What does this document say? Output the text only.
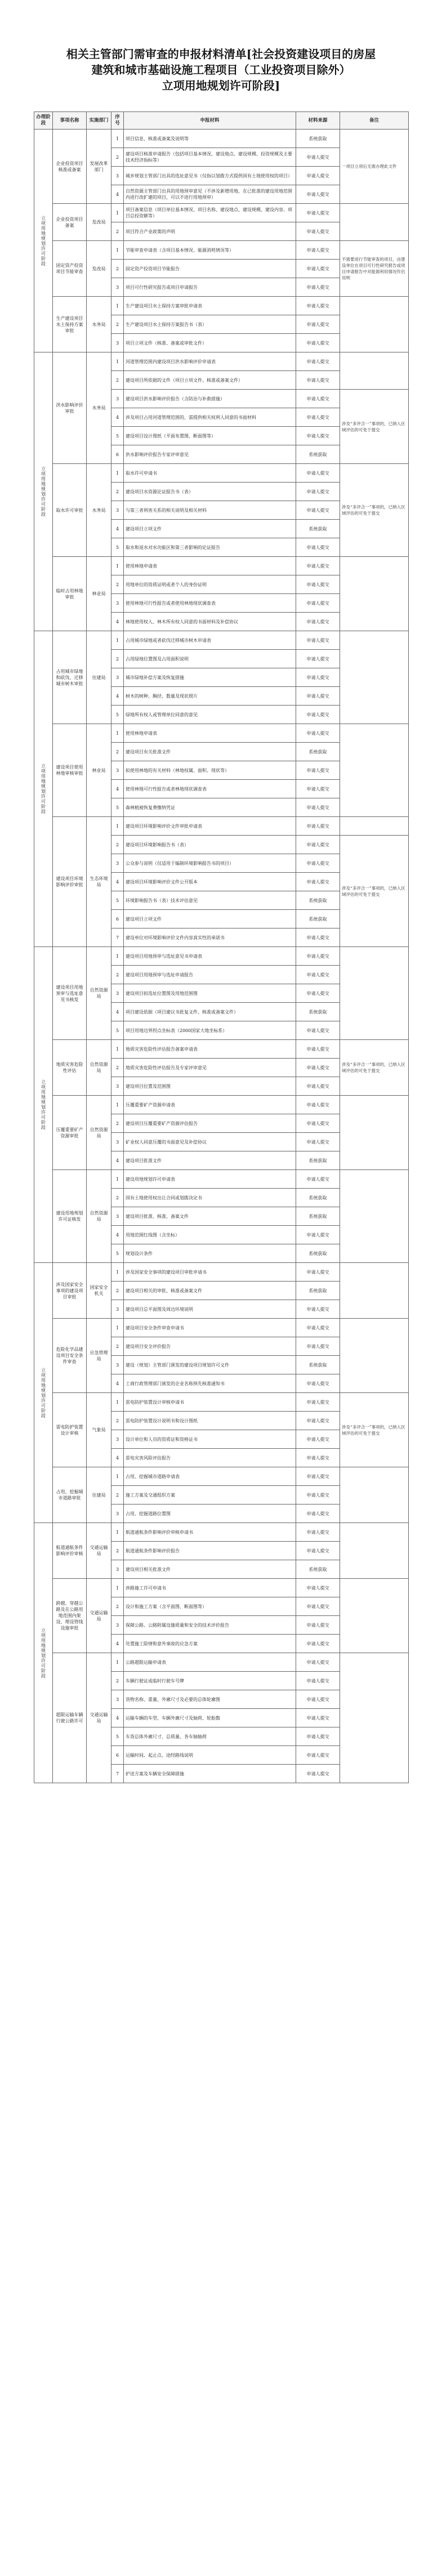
相关主管部门需审查的申报材料清单[社会投资建设项目的房屋
建筑和城市基础设施工程项目（工业投资项目除外）
立项用地规划许可阶段]
办理阶段	事项名称	实施部门	序号	申报材料	材料来源	备注

立项用地规划许可阶段	企业投资项目核准或备案	发展改革部门	1	项目信息，核准或备案及说明等	系统获取	一项目立项后无需办理此文件
			2	建设项目核准申请报告（包括项目基本情况、建设地点、建设规模、投资规模及主要技术经济指标等）	申请人提交	
			3	城乡规划主管部门出具的选址意见书（仅指以划拨方式提供国有土地使用权的项目）	申请人提交	
			4	自然资源主管部门出具的用地预审意见（不涉及新增用地，在已批准的建设用地范围内进行改扩建的项目，可以不进行用地预审）	申请人提交	
	企业投资项目备案	发改局	1	项目备案信息（项目单位基本情况、项目名称、建设地点、建设规模、建设内容、项目总投资额等）	申请人提交	
			2	项目符合产业政策的声明	申请人提交	
	固定资产投资项目节能审查	发改局	1	节能审查申请表（含项目基本情况、能源消耗情况等）	申请人提交	不需要进行节能审查的项目，由建设单位在项目可行性研究报告或项目申请报告中对能源利用情况作出说明
			2	固定资产投资项目节能报告	申请人提交	
			3	项目可行性研究报告或项目申请报告	申请人提交	
	生产建设项目水土保持方案审批	水务局	1	生产建设项目水土保持方案审批申请表	申请人提交	
			2	生产建设项目水土保持方案报告书（表）	申请人提交	
			3	项目立项文件（核准、备案或审批文件）	申请人提交	

立项用地规划许可阶段	洪水影响评价审批	水务局	1	河道管理范围内建设项目洪水影响评价申请表	申请人提交	
			2	建设项目所依据的文件（项目立项文件、核准或备案文件）	申请人提交	
			3	建设项目洪水影响评价报告（含防治与补救措施）	申请人提交	涉及“多评合一”事项的，已纳入区域评估的可免于提交
			4	涉及项目占用河道管理范围的，需提供相关权利人同意的书面材料	申请人提交	
			5	建设项目设计图纸（平面布置图、断面图等）	申请人提交	
			6	洪水影响评价报告专家评审意见	系统获取	
	取水许可审批	水务局	1	取水许可申请书	申请人提交	涉及“多评合一”事项的，已纳入区域评估的可免于提交
			2	建设项目水资源论证报告书（表）	申请人提交	
			3	与第三者利害关系的相关说明及相关材料	申请人提交	
			4	建设项目立项文件	系统获取	
			5	取水和退水对水功能区和第三者影响的论证报告	申请人提交	
	临时占用林地审批	林业局	1	使用林地申请表	申请人提交	
			2	用地单位的资质证明或者个人的身份证明	申请人提交	
			3	使用林地可行性报告或者使用林地现状调查表	申请人提交	
			4	林地使用权人、林木所有权人同意的书面材料及补偿协议	申请人提交	

立项用地规划许可阶段	占用城市绿地和砍伐、迁移城市树木审批	住建局	1	占用城市绿地或者砍伐迁移城市树木申请表	申请人提交	
			2	占用绿地位置图及占用面积说明	申请人提交	
			3	城市绿地补偿方案及恢复措施	申请人提交	
			4	树木的树种、胸径、数量及现状照片	申请人提交	
			5	绿地所有权人或管理单位同意的意见	申请人提交	
	建设项目使用林地审核审批	林业局	1	使用林地申请表	申请人提交	
			2	建设项目有关批准文件	系统获取	
			3	拟使用林地的有关材料（林地权属、面积、现状等）	申请人提交	
			4	使用林地可行性报告或者林地现状调查表	申请人提交	
			5	森林植被恢复费缴纳凭证	申请人提交	
	建设项目环境影响评价审批	生态环境局	1	建设项目环境影响评价文件审批申请表	申请人提交	
			2	建设项目环境影响报告书（表）	申请人提交	涉及“多评合一”事项的，已纳入区域评估的可免于提交
			3	公众参与说明（仅适用于编制环境影响报告书的项目）	申请人提交	
			4	建设项目环境影响评价文件公开版本	申请人提交	
			5	环境影响报告书（表）技术评估意见	系统获取	
			6	建设项目立项文件	系统获取	
			7	建设单位对环境影响评价文件内容真实性的承诺书	申请人提交	

立项用地规划许可阶段	建设项目用地预审与选址意见书核发	自然资源局	1	建设项目用地预审与选址意见书申请表	申请人提交	
			2	建设项目用地预审与选址申请报告	申请人提交	
			3	建设项目拟选址位置图及用地范围图	申请人提交	
			4	项目建设依据（项目建议书批复文件、核准或备案文件）	系统获取	
			5	项目用地边界拐点坐标表（2000国家大地坐标系）	申请人提交	
	地质灾害危险性评估	自然资源局	1	地质灾害危险性评估报告备案申请表	申请人提交	涉及“多评合一”事项的，已纳入区域评估的可免于提交
			2	地质灾害危险性评估报告及专家评审意见	申请人提交	
			3	建设项目位置及范围图	申请人提交	
	压覆重要矿产资源审批	自然资源局	1	压覆重要矿产资源申请表	申请人提交	
			2	建设项目压覆重要矿产资源评估报告	申请人提交	
			3	矿业权人同意压覆的书面意见及补偿协议	申请人提交	
			4	建设项目批准文件	系统获取	
	建设用地规划许可证核发	自然资源局	1	建设用地规划许可申请表	申请人提交	
			2	国有土地使用权出让合同或划拨决定书	系统获取	
			3	建设项目批准、核准、备案文件	系统获取	
			4	用地范围红线图（含坐标）	申请人提交	
			5	规划设计条件	系统获取	

立项用地规划许可阶段	涉及国家安全事项的建设项目审批	国家安全机关	1	涉及国家安全事项的建设项目审批申请书	申请人提交	
			2	建设项目相关的审批、核准或备案文件	系统获取	
			3	建设项目总平面图及周边环境说明	申请人提交	
	危险化学品建设项目安全条件审查	应急管理局	1	建设项目安全条件审查申请书	申请人提交	
			2	建设项目安全评价报告	申请人提交	
			3	建设（规划）主管部门颁发的建设项目规划许可文件	系统获取	
			4	工商行政管理部门颁发的企业名称预先核准通知书	申请人提交	
	雷电防护装置设计审核	气象局	1	雷电防护装置设计审核申请书	申请人提交	涉及“多评合一”事项的，已纳入区域评估的可免于提交
			2	雷电防护装置设计说明书和设计图纸	申请人提交	
			3	设计单位和人员的资质证和资格证书	申请人提交	
			4	雷电灾害风险评估报告	申请人提交	
	占用、挖掘城市道路审批	住建局	1	占用、挖掘城市道路申请表	申请人提交	
			2	施工方案及交通组织方案	申请人提交	
			3	占用、挖掘道路位置图	申请人提交	

立项用地规划许可阶段	航道通航条件影响评价审核	交通运输局	1	航道通航条件影响评价审核申请书	申请人提交	
			2	航道通航条件影响评价报告	申请人提交	
			3	建设项目相关批准文件	系统获取	
	跨越、穿越公路及在公路用地范围内架设、埋设管线设施审批	交通运输局	1	涉路施工许可申请书	申请人提交	
			2	设计和施工方案（含平面图、断面图等）	申请人提交	
			3	保障公路、公路附属设施质量和安全的技术评价报告	申请人提交	
			4	处置施工险情和意外事故的应急方案	申请人提交	
	超限运输车辆行驶公路许可	交通运输局	1	公路超限运输申请表	申请人提交	
			2	车辆行驶证或临时行驶车号牌	申请人提交	
			3	货物名称、重量、外廓尺寸及必要的总体轮廓图	申请人提交	
			4	运输车辆的车型、车辆外廓尺寸及轴荷、轮胎数	申请人提交	
			5	车货总体外廓尺寸、总质量、各车轴轴荷	申请人提交	
			6	运输时间、起止点、途经路线说明	申请人提交	
			7	护送方案及车辆安全保障措施	申请人提交	
